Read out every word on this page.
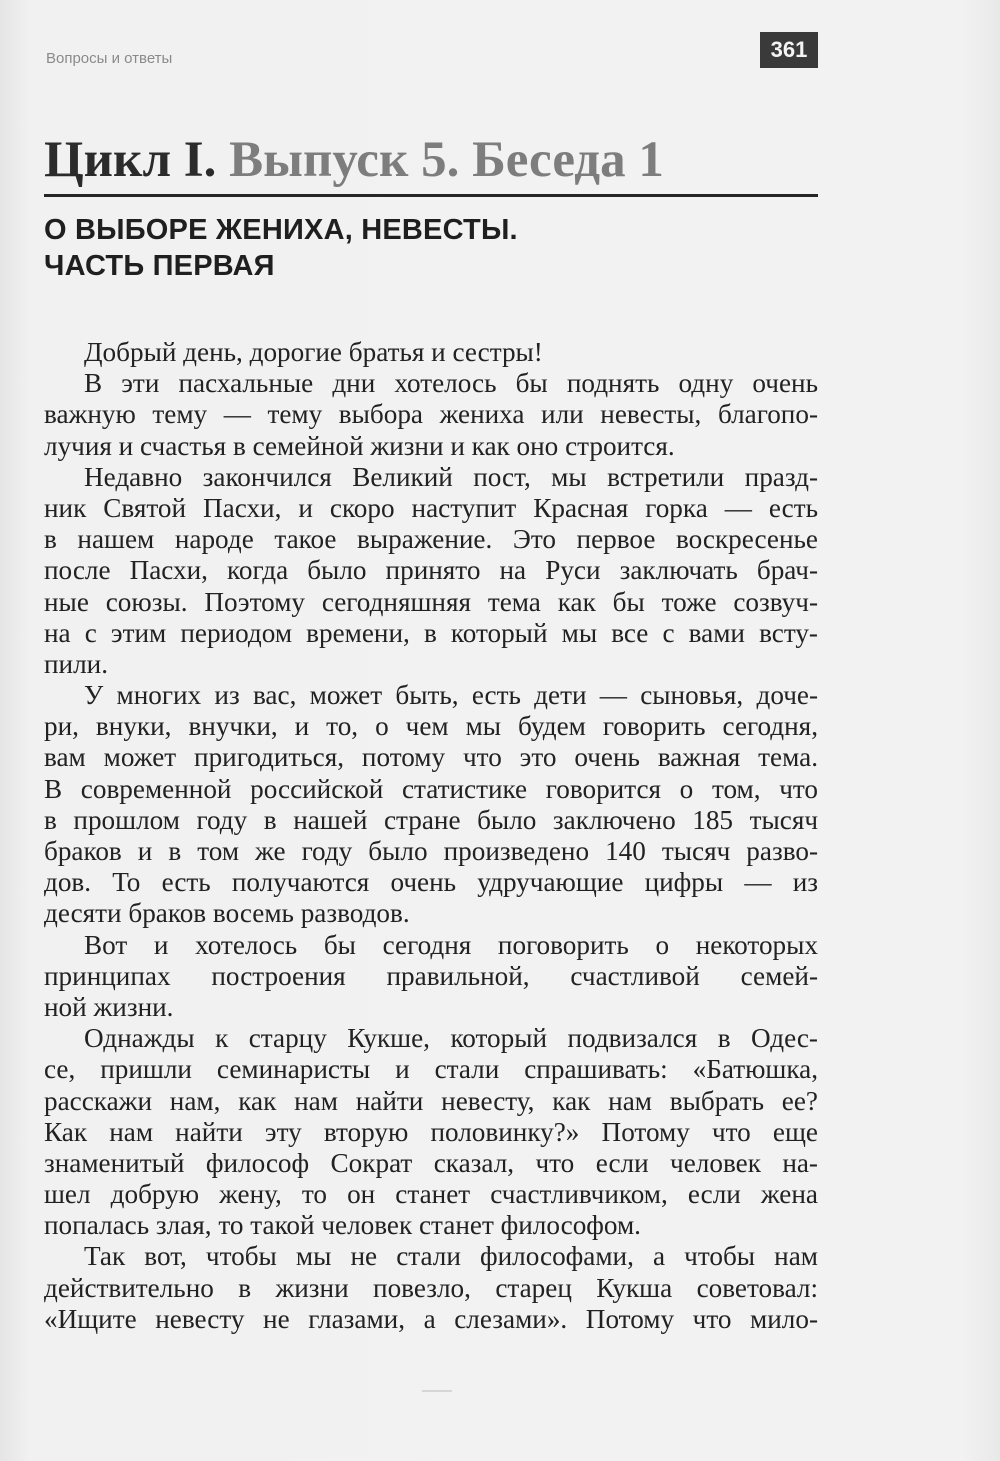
Вопросы и ответы	361
Цикл I. Выпуск 5. Беседа 1
О ВЫБОРЕ ЖЕНИХА, НЕВЕСТЫ.
ЧАСТЬ ПЕРВАЯ
Добрый день, дорогие братья и сестры!
В эти пасхальные дни хотелось бы поднять одну очень
важную тему — тему выбора жениха или невесты, благопо-
лучия и счастья в семейной жизни и как оно строится.
Недавно закончился Великий пост, мы встретили празд-
ник Святой Пасхи, и скоро наступит Красная горка — есть
в нашем народе такое выражение. Это первое воскресенье
после Пасхи, когда было принято на Руси заключать брач-
ные союзы. Поэтому сегодняшняя тема как бы тоже созвуч-
на с этим периодом времени, в который мы все с вами всту-
пили.
У многих из вас, может быть, есть дети — сыновья, доче-
ри, внуки, внучки, и то, о чем мы будем говорить сегодня,
вам может пригодиться, потому что это очень важная тема.
В современной российской статистике говорится о том, что
в прошлом году в нашей стране было заключено 185 тысяч
браков и в том же году было произведено 140 тысяч разво-
дов. То есть получаются очень удручающие цифры — из
десяти браков восемь разводов.
Вот и хотелось бы сегодня поговорить о некоторых
принципах построения правильной, счастливой семей-
ной жизни.
Однажды к старцу Кукше, который подвизался в Одес-
се, пришли семинаристы и стали спрашивать: «Батюшка,
расскажи нам, как нам найти невесту, как нам выбрать ее?
Как нам найти эту вторую половинку?» Потому что еще
знаменитый философ Сократ сказал, что если человек на-
шел добрую жену, то он станет счастливчиком, если жена
попалась злая, то такой человек станет философом.
Так вот, чтобы мы не стали философами, а чтобы нам
действительно в жизни повезло, старец Кукша советовал:
«Ищите невесту не глазами, а слезами». Потому что мило-
